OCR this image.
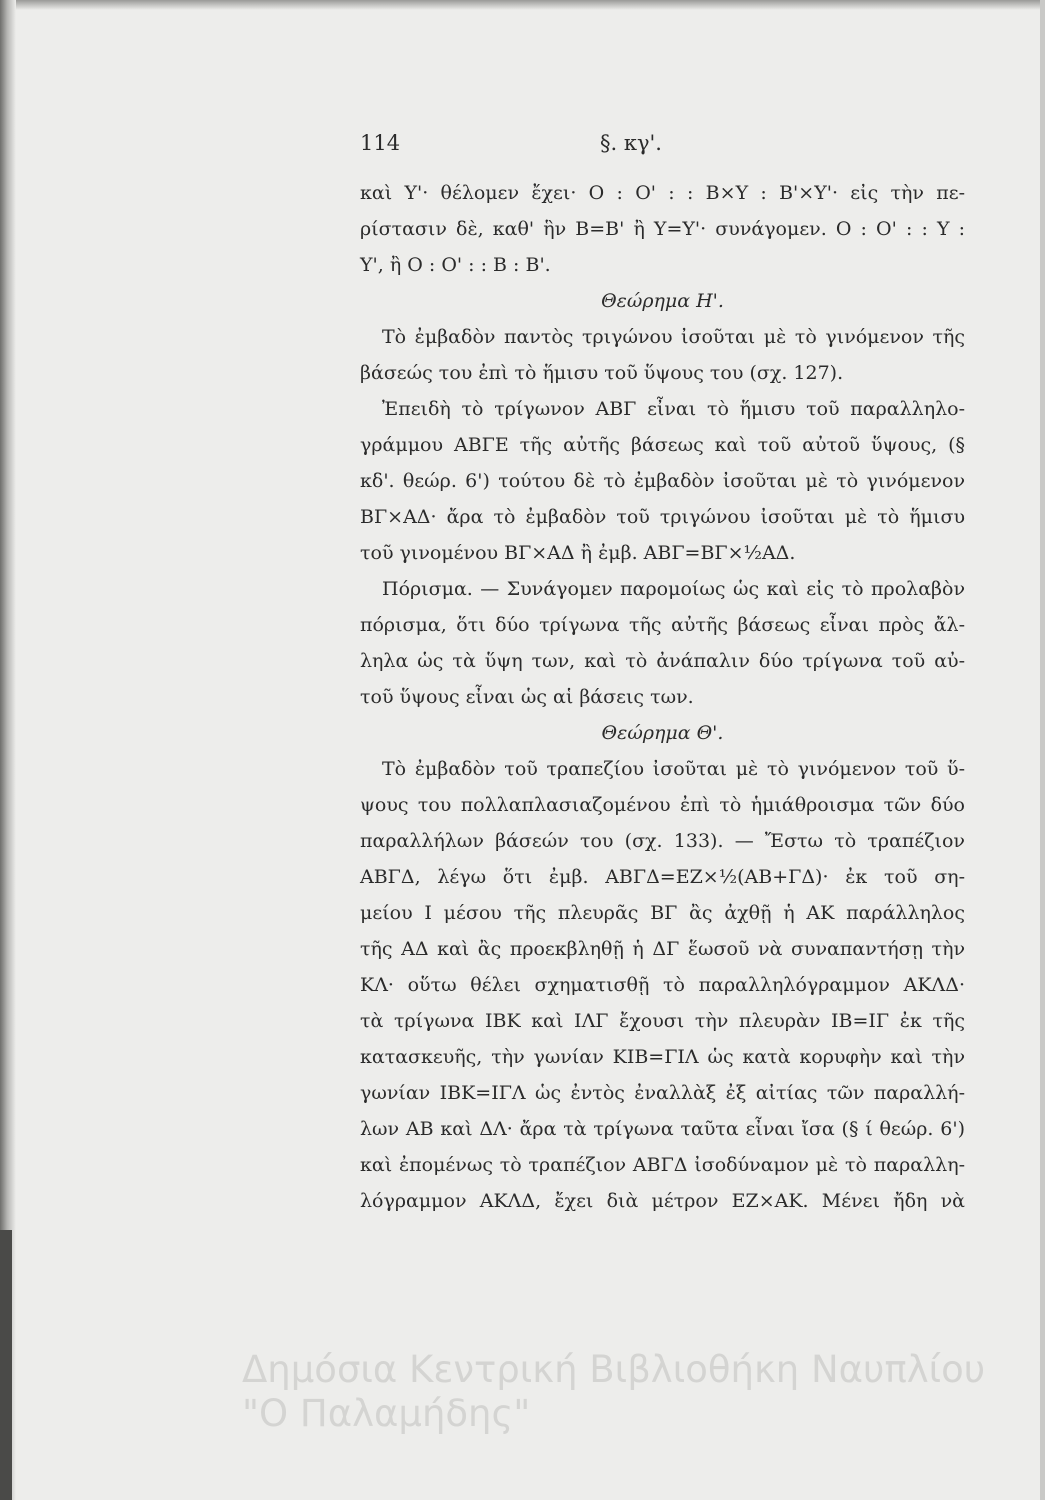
114	§. κγ'.
καὶ Υ'· θέλομεν ἔχει· Ο : Ο' : : Β×Υ : Β'×Υ'· εἰς τὴν πε-
ρίστασιν δὲ, καθ' ἣν Β=Β' ἢ Υ=Υ'· συνάγομεν. Ο : Ο' : : Υ :
Υ', ἢ Ο : Ο' : : Β : Β'.
Θεώρημα Η'.
Τὸ ἐμβαδὸν παντὸς τριγώνου ἰσοῦται μὲ τὸ γινόμενον τῆς
βάσεώς του ἐπὶ τὸ ἥμισυ τοῦ ὕψους του (σχ. 127).
Ἐπειδὴ τὸ τρίγωνον ΑΒΓ εἶναι τὸ ἥμισυ τοῦ παραλληλο-
γράμμου ΑΒΓΕ τῆς αὐτῆς βάσεως καὶ τοῦ αὐτοῦ ὕψους, (§
κδ'. θεώρ. 6') τούτου δὲ τὸ ἐμβαδὸν ἰσοῦται μὲ τὸ γινόμενον
ΒΓ×ΑΔ· ἄρα τὸ ἐμβαδὸν τοῦ τριγώνου ἰσοῦται μὲ τὸ ἥμισυ
τοῦ γινομένου ΒΓ×ΑΔ ἢ ἐμβ. ΑΒΓ=ΒΓ×½ΑΔ.
Πόρισμα. — Συνάγομεν παρομοίως ὡς καὶ εἰς τὸ προλαβὸν
πόρισμα, ὅτι δύο τρίγωνα τῆς αὐτῆς βάσεως εἶναι πρὸς ἄλ-
ληλα ὡς τὰ ὕψη των, καὶ τὸ ἀνάπαλιν δύο τρίγωνα τοῦ αὐ-
τοῦ ὕψους εἶναι ὡς αἱ βάσεις των.
Θεώρημα Θ'.
Τὸ ἐμβαδὸν τοῦ τραπεζίου ἰσοῦται μὲ τὸ γινόμενον τοῦ ὕ-
ψους του πολλαπλασιαζομένου ἐπὶ τὸ ἡμιάθροισμα τῶν δύο
παραλλήλων βάσεών του (σχ. 133). — Ἔστω τὸ τραπέζιον
ΑΒΓΔ, λέγω ὅτι ἐμβ. ΑΒΓΔ=ΕΖ×½(ΑΒ+ΓΔ)· ἐκ τοῦ ση-
μείου Ι μέσου τῆς πλευρᾶς ΒΓ ἂς ἀχθῇ ἡ ΑΚ παράλληλος
τῆς ΑΔ καὶ ἂς προεκβληθῇ ἡ ΔΓ ἕωσοῦ νὰ συναπαντήσῃ τὴν
ΚΛ· οὕτω θέλει σχηματισθῇ τὸ παραλληλόγραμμον ΑΚΛΔ·
τὰ τρίγωνα ΙΒΚ καὶ ΙΛΓ ἔχουσι τὴν πλευρὰν ΙΒ=ΙΓ ἐκ τῆς
κατασκευῆς, τὴν γωνίαν ΚΙΒ=ΓΙΛ ὡς κατὰ κορυφὴν καὶ τὴν
γωνίαν ΙΒΚ=ΙΓΛ ὡς ἐντὸς ἐναλλὰξ ἐξ αἰτίας τῶν παραλλή-
λων ΑΒ καὶ ΔΛ· ἄρα τὰ τρίγωνα ταῦτα εἶναι ἴσα (§ ί θεώρ. 6')
καὶ ἐπομένως τὸ τραπέζιον ΑΒΓΔ ἰσοδύναμον μὲ τὸ παραλλη-
λόγραμμον ΑΚΛΔ, ἔχει διὰ μέτρον ΕΖ×ΑΚ. Μένει ἤδη νὰ
Δημόσια Κεντρική Βιβλιοθήκη Ναυπλίου
"Ο Παλαμήδης"
